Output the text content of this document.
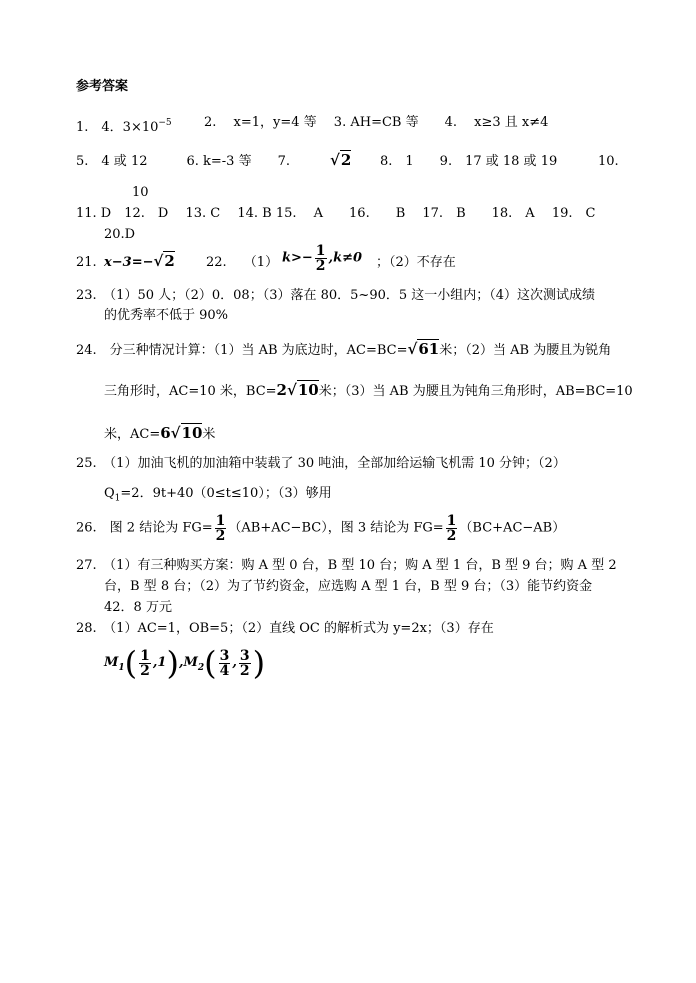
参考答案
1.　4．$3\times 10^{-5}$ 2.　 x=1，y=4 等　 3. AH=CB 等　　4.　 x≥3 且 x≠4
5.　4 或 12　　　6. k=-3 等　　7.	√2 8.　1　　9.　17 或 18 或 19	10.
10
11. D　12.　D　 13. C　 14. B 15.　 A　　16.　　B　 17.　B　　18.　A　 19.　C
20.D
21. x−3=−√2 22.　 （1） $k>- \frac{1}{2} ,k\ne 0$ ；（2）不存在
23.　（1）50 人；（2）0．08；（3）落在 80．5~90．5 这一小组内；（4）这次测试成绩
的优秀率不低于 90%
24.　分三种情况计算：（1）当 AB 为底边时，AC=BC=√61米；（2）当 AB 为腰且为锐角
三角形时，AC=10 米，BC=2√10米；（3）当 AB 为腰且为钝角三角形时，AB=BC=10
米，AC=6√10米
25.　（1）加油飞机的加油箱中装载了 30 吨油，全部加给运输飞机需 10 分钟；（2）
$Q_1=2$．9t+40（0≤t≤10）；（3）够用
26.　图 2 结论为 $FG= \frac{1}{2} (AB+AC-BC)$，图 3 结论为 $FG= \frac{1}{2} (BC+AC-AB)$
27.　（1）有三种购买方案：购 A 型 0 台，B 型 10 台；购 A 型 1 台，B 型 9 台；购 A 型 2
台，B 型 8 台；（2）为了节约资金，应选购 A 型 1 台，B 型 9 台；（3）能节约资金
42．8 万元
28.　（1）AC=1，OB=5；（2）直线 OC 的解析式为 y=2x；（3）存在
$M_1( \frac{1}{2} ,1),M_2( \frac{3}{4}$ , $\frac{3}{2}$ )
